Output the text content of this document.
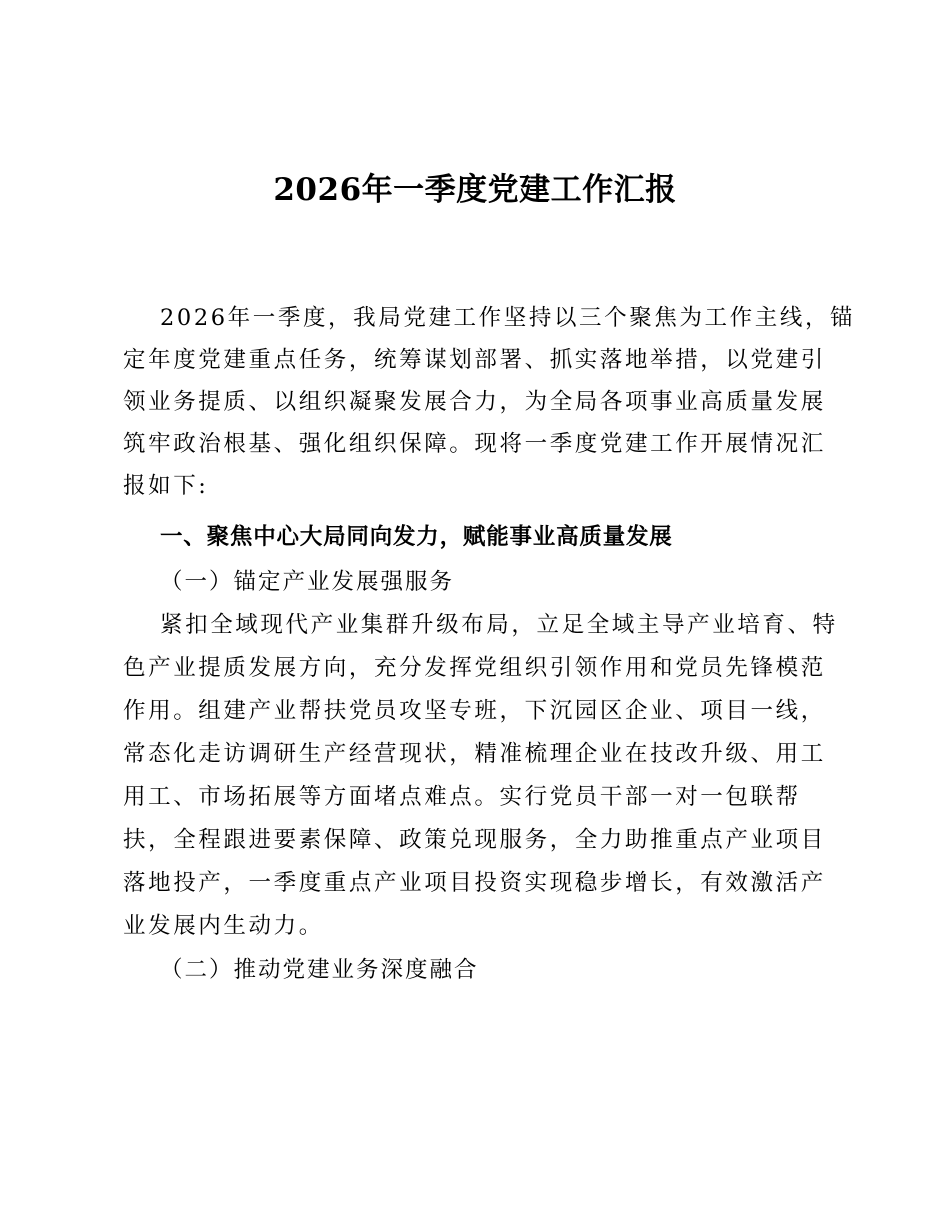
2026年一季度党建工作汇报

2026年一季度，我局党建工作坚持以三个聚焦为工作主线，锚

定年度党建重点任务，统筹谋划部署、抓实落地举措，以党建引

领业务提质、以组织凝聚发展合力，为全局各项事业高质量发展

筑牢政治根基、强化组织保障。现将一季度党建工作开展情况汇

报如下:

一、聚焦中心大局同向发力，赋能事业高质量发展

（一）锚定产业发展强服务

紧扣全域现代产业集群升级布局，立足全域主导产业培育、特

色产业提质发展方向，充分发挥党组织引领作用和党员先锋模范

作用。组建产业帮扶党员攻坚专班，下沉园区企业、项目一线，

常态化走访调研生产经营现状，精准梳理企业在技改升级、用工

用工、市场拓展等方面堵点难点。实行党员干部一对一包联帮

扶，全程跟进要素保障、政策兑现服务，全力助推重点产业项目

落地投产，一季度重点产业项目投资实现稳步增长，有效激活产

业发展内生动力。

（二）推动党建业务深度融合
